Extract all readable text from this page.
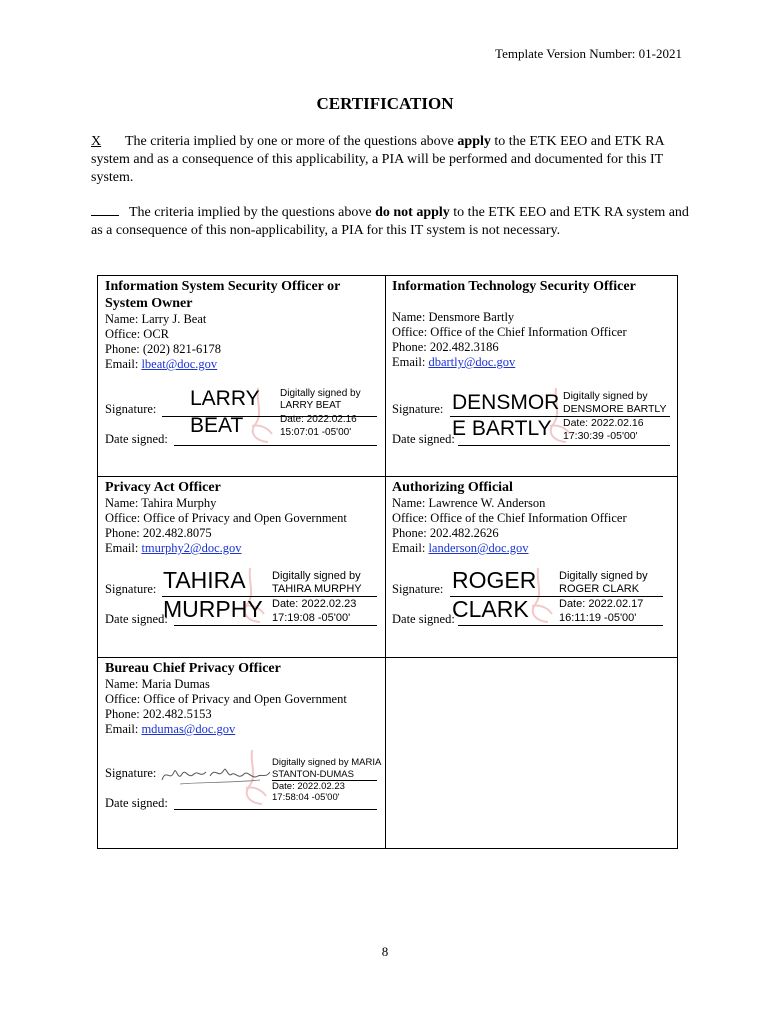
Template Version Number: 01-2021
CERTIFICATION
X The criteria implied by one or more of the questions above apply to the ETK EEO and ETK RA system and as a consequence of this applicability, a PIA will be performed and documented for this IT system.
The criteria implied by the questions above do not apply to the ETK EEO and ETK RA system and as a consequence of this non-applicability, a PIA for this IT system is not necessary.
Information System Security Officer or System Owner
Name: Larry J. Beat
Office: OCR
Phone: (202) 821-6178
Email: lbeat@doc.gov
Signature: LARRY
BEAT
Digitally signed by LARRY BEAT
Date: 2022.02.16
15:07:01 -05'00'
Date signed:
Information Technology Security Officer
Name: Densmore Bartly
Office: Office of the Chief Information Officer
Phone: 202.482.3186
Email: dbartly@doc.gov
Signature: DENSMOR
E BARTLY
Digitally signed by
DENSMORE BARTLY
Date: 2022.02.16
17:30:39 -05'00'
Date signed:
Privacy Act Officer
Name: Tahira Murphy
Office: Office of Privacy and Open Government
Phone: 202.482.8075
Email: tmurphy2@doc.gov
Signature: TAHIRA
MURPHY
Digitally signed by
TAHIRA MURPHY
Date: 2022.02.23
17:19:08 -05'00'
Date signed:
Authorizing Official
Name: Lawrence W. Anderson
Office: Office of the Chief Information Officer
Phone: 202.482.2626
Email: landerson@doc.gov
Signature: ROGER
CLARK
Digitally signed by
ROGER CLARK
Date: 2022.02.17
16:11:19 -05'00'
Date signed:
Bureau Chief Privacy Officer
Name: Maria Dumas
Office: Office of Privacy and Open Government
Phone: 202.482.5153
Email: mdumas@doc.gov
Signature:
Digitally signed by MARIA
STANTON-DUMAS
Date: 2022.02.23
17:58:04 -05'00'
Date signed:
8
